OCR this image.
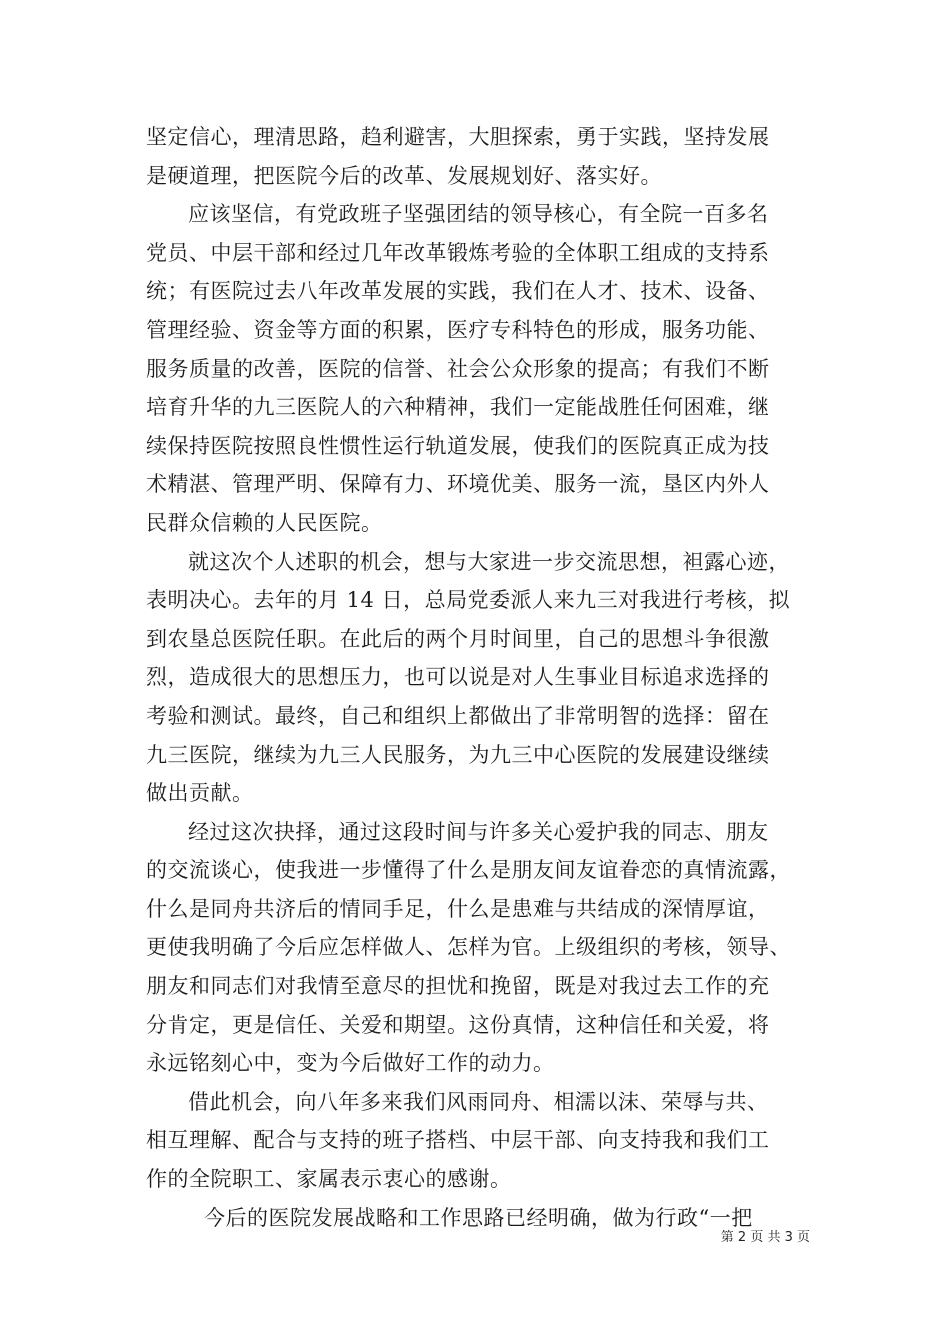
坚定信心，理清思路，趋利避害，大胆探索，勇于实践，坚持发展
是硬道理，把医院今后的改革、发展规划好、落实好。
应该坚信，有党政班子坚强团结的领导核心，有全院一百多名
党员、中层干部和经过几年改革锻炼考验的全体职工组成的支持系
统；有医院过去八年改革发展的实践，我们在人才、技术、设备、
管理经验、资金等方面的积累，医疗专科特色的形成，服务功能、
服务质量的改善，医院的信誉、社会公众形象的提高；有我们不断
培育升华的九三医院人的六种精神，我们一定能战胜任何困难，继
续保持医院按照良性惯性运行轨道发展，使我们的医院真正成为技
术精湛、管理严明、保障有力、环境优美、服务一流，垦区内外人
民群众信赖的人民医院。
就这次个人述职的机会，想与大家进一步交流思想，袒露心迹，
表明决心。去年的月 14 日，总局党委派人来九三对我进行考核，拟
到农垦总医院任职。在此后的两个月时间里，自己的思想斗争很激
烈，造成很大的思想压力，也可以说是对人生事业目标追求选择的
考验和测试。最终，自己和组织上都做出了非常明智的选择：留在
九三医院，继续为九三人民服务，为九三中心医院的发展建设继续
做出贡献。
经过这次抉择，通过这段时间与许多关心爱护我的同志、朋友
的交流谈心，使我进一步懂得了什么是朋友间友谊眷恋的真情流露，
什么是同舟共济后的情同手足，什么是患难与共结成的深情厚谊，
更使我明确了今后应怎样做人、怎样为官。上级组织的考核，领导、
朋友和同志们对我情至意尽的担忧和挽留，既是对我过去工作的充
分肯定，更是信任、关爱和期望。这份真情，这种信任和关爱，将
永远铭刻心中，变为今后做好工作的动力。
借此机会，向八年多来我们风雨同舟、相濡以沫、荣辱与共、
相互理解、配合与支持的班子搭档、中层干部、向支持我和我们工
作的全院职工、家属表示衷心的感谢。
今后的医院发展战略和工作思路已经明确，做为行政“一把
第 2 页 共 3 页
